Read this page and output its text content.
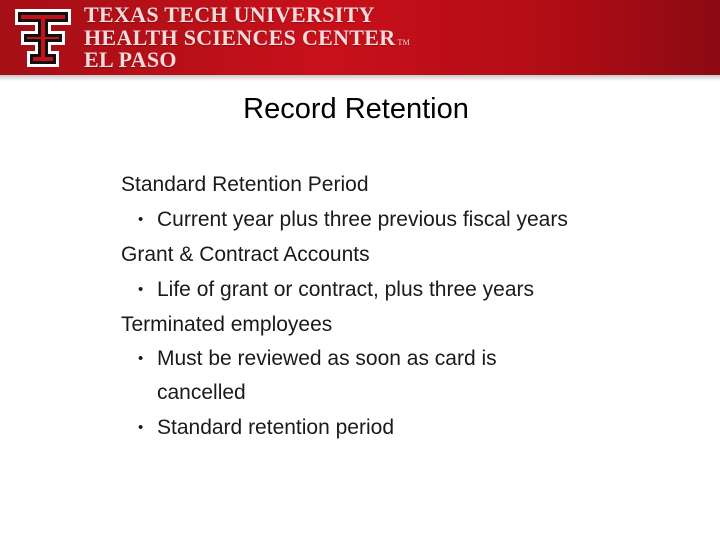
TEXAS TECH UNIVERSITY
HEALTH SCIENCES CENTER TM
EL PASO
Record Retention
Standard Retention Period
• Current year plus three previous fiscal years
Grant & Contract Accounts
• Life of grant or contract, plus three years
Terminated employees
• Must be reviewed as soon as card is cancelled
• Standard retention period
